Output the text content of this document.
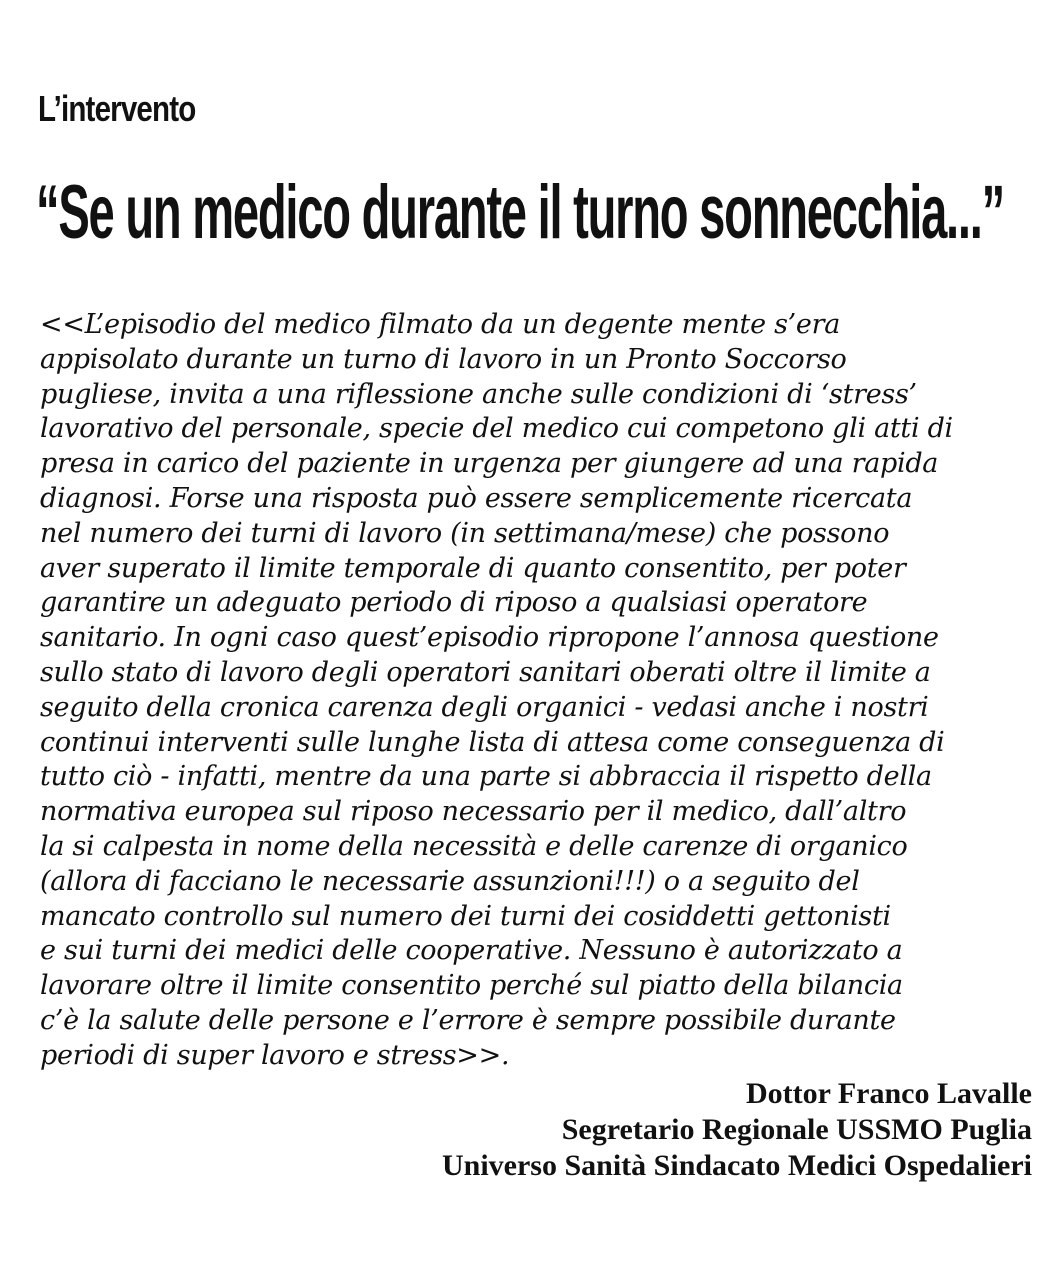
L’intervento
“Se un medico durante il turno sonnecchia...”
<<L’episodio del medico filmato da un degente mente s’era
appisolato durante un turno di lavoro in un Pronto Soccorso
pugliese, invita a una riflessione anche sulle condizioni di ‘stress’
lavorativo del personale, specie del medico cui competono gli atti di
presa in carico del paziente in urgenza per giungere ad una rapida
diagnosi. Forse una risposta può essere semplicemente ricercata
nel numero dei turni di lavoro (in settimana/mese) che possono
aver superato il limite temporale di quanto consentito, per poter
garantire un adeguato periodo di riposo a qualsiasi operatore
sanitario. In ogni caso quest’episodio ripropone l’annosa questione
sullo stato di lavoro degli operatori sanitari oberati oltre il limite a
seguito della cronica carenza degli organici - vedasi anche i nostri
continui interventi sulle lunghe lista di attesa come conseguenza di
tutto ciò - infatti, mentre da una parte si abbraccia il rispetto della
normativa europea sul riposo necessario per il medico, dall’altro
la si calpesta in nome della necessità e delle carenze di organico
(allora di facciano le necessarie assunzioni!!!) o a seguito del
mancato controllo sul numero dei turni dei cosiddetti gettonisti
e sui turni dei medici delle cooperative. Nessuno è autorizzato a
lavorare oltre il limite consentito perché sul piatto della bilancia
c’è la salute delle persone e l’errore è sempre possibile durante
periodi di super lavoro e stress>>.
Dottor Franco Lavalle
Segretario Regionale USSMO Puglia
Universo Sanità Sindacato Medici Ospedalieri
